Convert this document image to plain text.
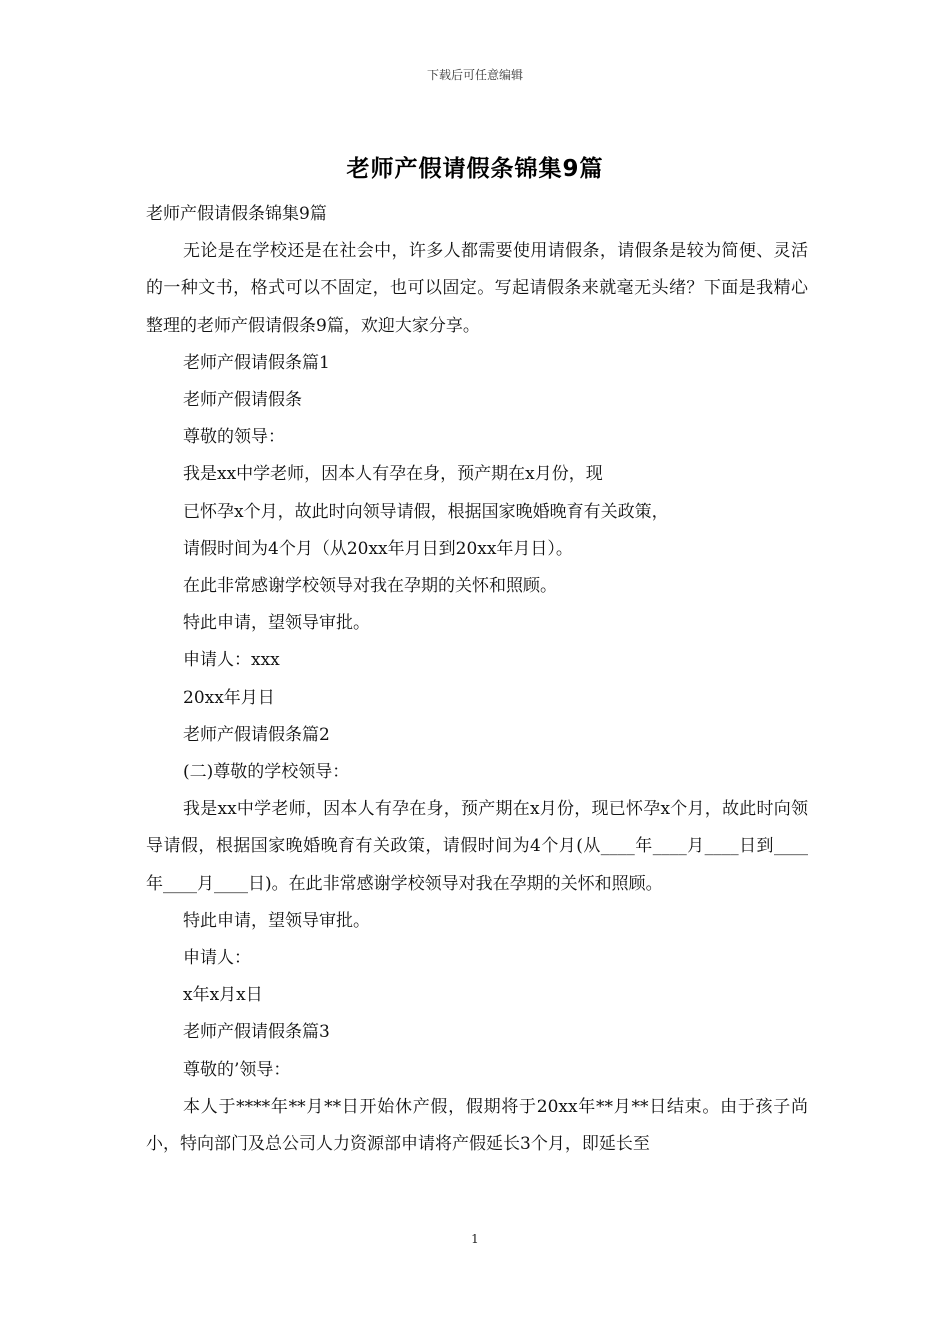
下载后可任意编辑
老师产假请假条锦集9篇

老师产假请假条锦集9篇

无论是在学校还是在社会中，许多人都需要使用请假条，请假条是较为简便、灵活的一种文书，格式可以不固定，也可以固定。写起请假条来就毫无头绪？下面是我精心整理的老师产假请假条9篇，欢迎大家分享。

老师产假请假条篇1

老师产假请假条

尊敬的领导：

我是xx中学老师，因本人有孕在身，预产期在x月份，现

已怀孕x个月，故此时向领导请假，根据国家晚婚晚育有关政策，

请假时间为4个月（从20xx年月日到20xx年月日）。

在此非常感谢学校领导对我在孕期的关怀和照顾。

特此申请，望领导审批。

申请人：xxx

20xx年月日

老师产假请假条篇2

(二)尊敬的学校领导：

我是xx中学老师，因本人有孕在身，预产期在x月份，现已怀孕x个月，故此时向领导请假，根据国家晚婚晚育有关政策，请假时间为4个月(从____年____月____日到____年____月____日)。在此非常感谢学校领导对我在孕期的关怀和照顾。

特此申请，望领导审批。

申请人：

x年x月x日

老师产假请假条篇3

尊敬的’领导：

本人于****年**月**日开始休产假，假期将于20xx年**月**日结束。由于孩子尚小，特向部门及总公司人力资源部申请将产假延长3个月，即延长至

1
